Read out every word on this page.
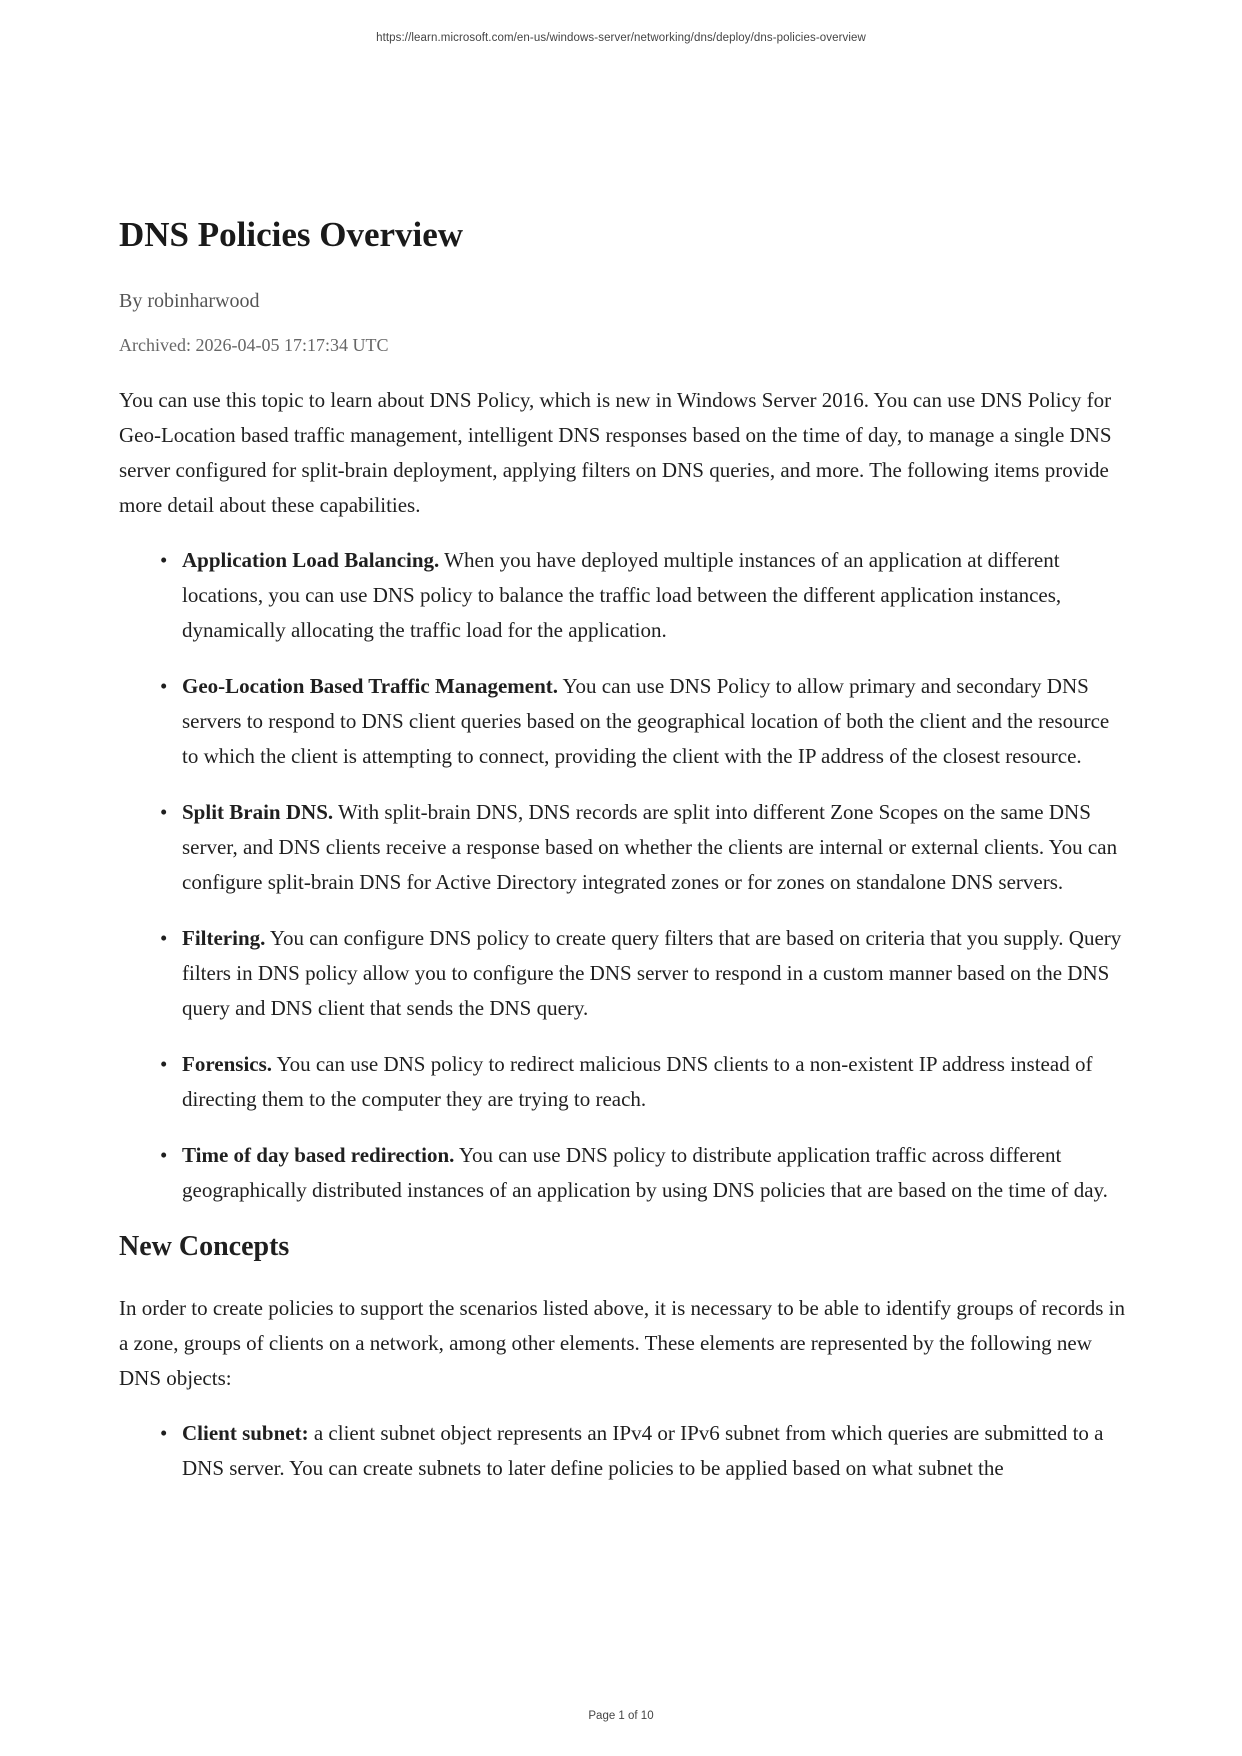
https://learn.microsoft.com/en-us/windows-server/networking/dns/deploy/dns-policies-overview
DNS Policies Overview
By robinharwood
Archived: 2026-04-05 17:17:34 UTC

You can use this topic to learn about DNS Policy, which is new in Windows Server 2016. You can use DNS Policy for Geo-Location based traffic management, intelligent DNS responses based on the time of day, to manage a single DNS server configured for split-brain deployment, applying filters on DNS queries, and more. The following items provide more detail about these capabilities.

• Application Load Balancing. When you have deployed multiple instances of an application at different locations, you can use DNS policy to balance the traffic load between the different application instances, dynamically allocating the traffic load for the application.
• Geo-Location Based Traffic Management. You can use DNS Policy to allow primary and secondary DNS servers to respond to DNS client queries based on the geographical location of both the client and the resource to which the client is attempting to connect, providing the client with the IP address of the closest resource.
• Split Brain DNS. With split-brain DNS, DNS records are split into different Zone Scopes on the same DNS server, and DNS clients receive a response based on whether the clients are internal or external clients. You can configure split-brain DNS for Active Directory integrated zones or for zones on standalone DNS servers.
• Filtering. You can configure DNS policy to create query filters that are based on criteria that you supply. Query filters in DNS policy allow you to configure the DNS server to respond in a custom manner based on the DNS query and DNS client that sends the DNS query.
• Forensics. You can use DNS policy to redirect malicious DNS clients to a non-existent IP address instead of directing them to the computer they are trying to reach.
• Time of day based redirection. You can use DNS policy to distribute application traffic across different geographically distributed instances of an application by using DNS policies that are based on the time of day.
New Concepts

In order to create policies to support the scenarios listed above, it is necessary to be able to identify groups of records in a zone, groups of clients on a network, among other elements. These elements are represented by the following new DNS objects:

• Client subnet: a client subnet object represents an IPv4 or IPv6 subnet from which queries are submitted to a DNS server. You can create subnets to later define policies to be applied based on what subnet the
Page 1 of 10
